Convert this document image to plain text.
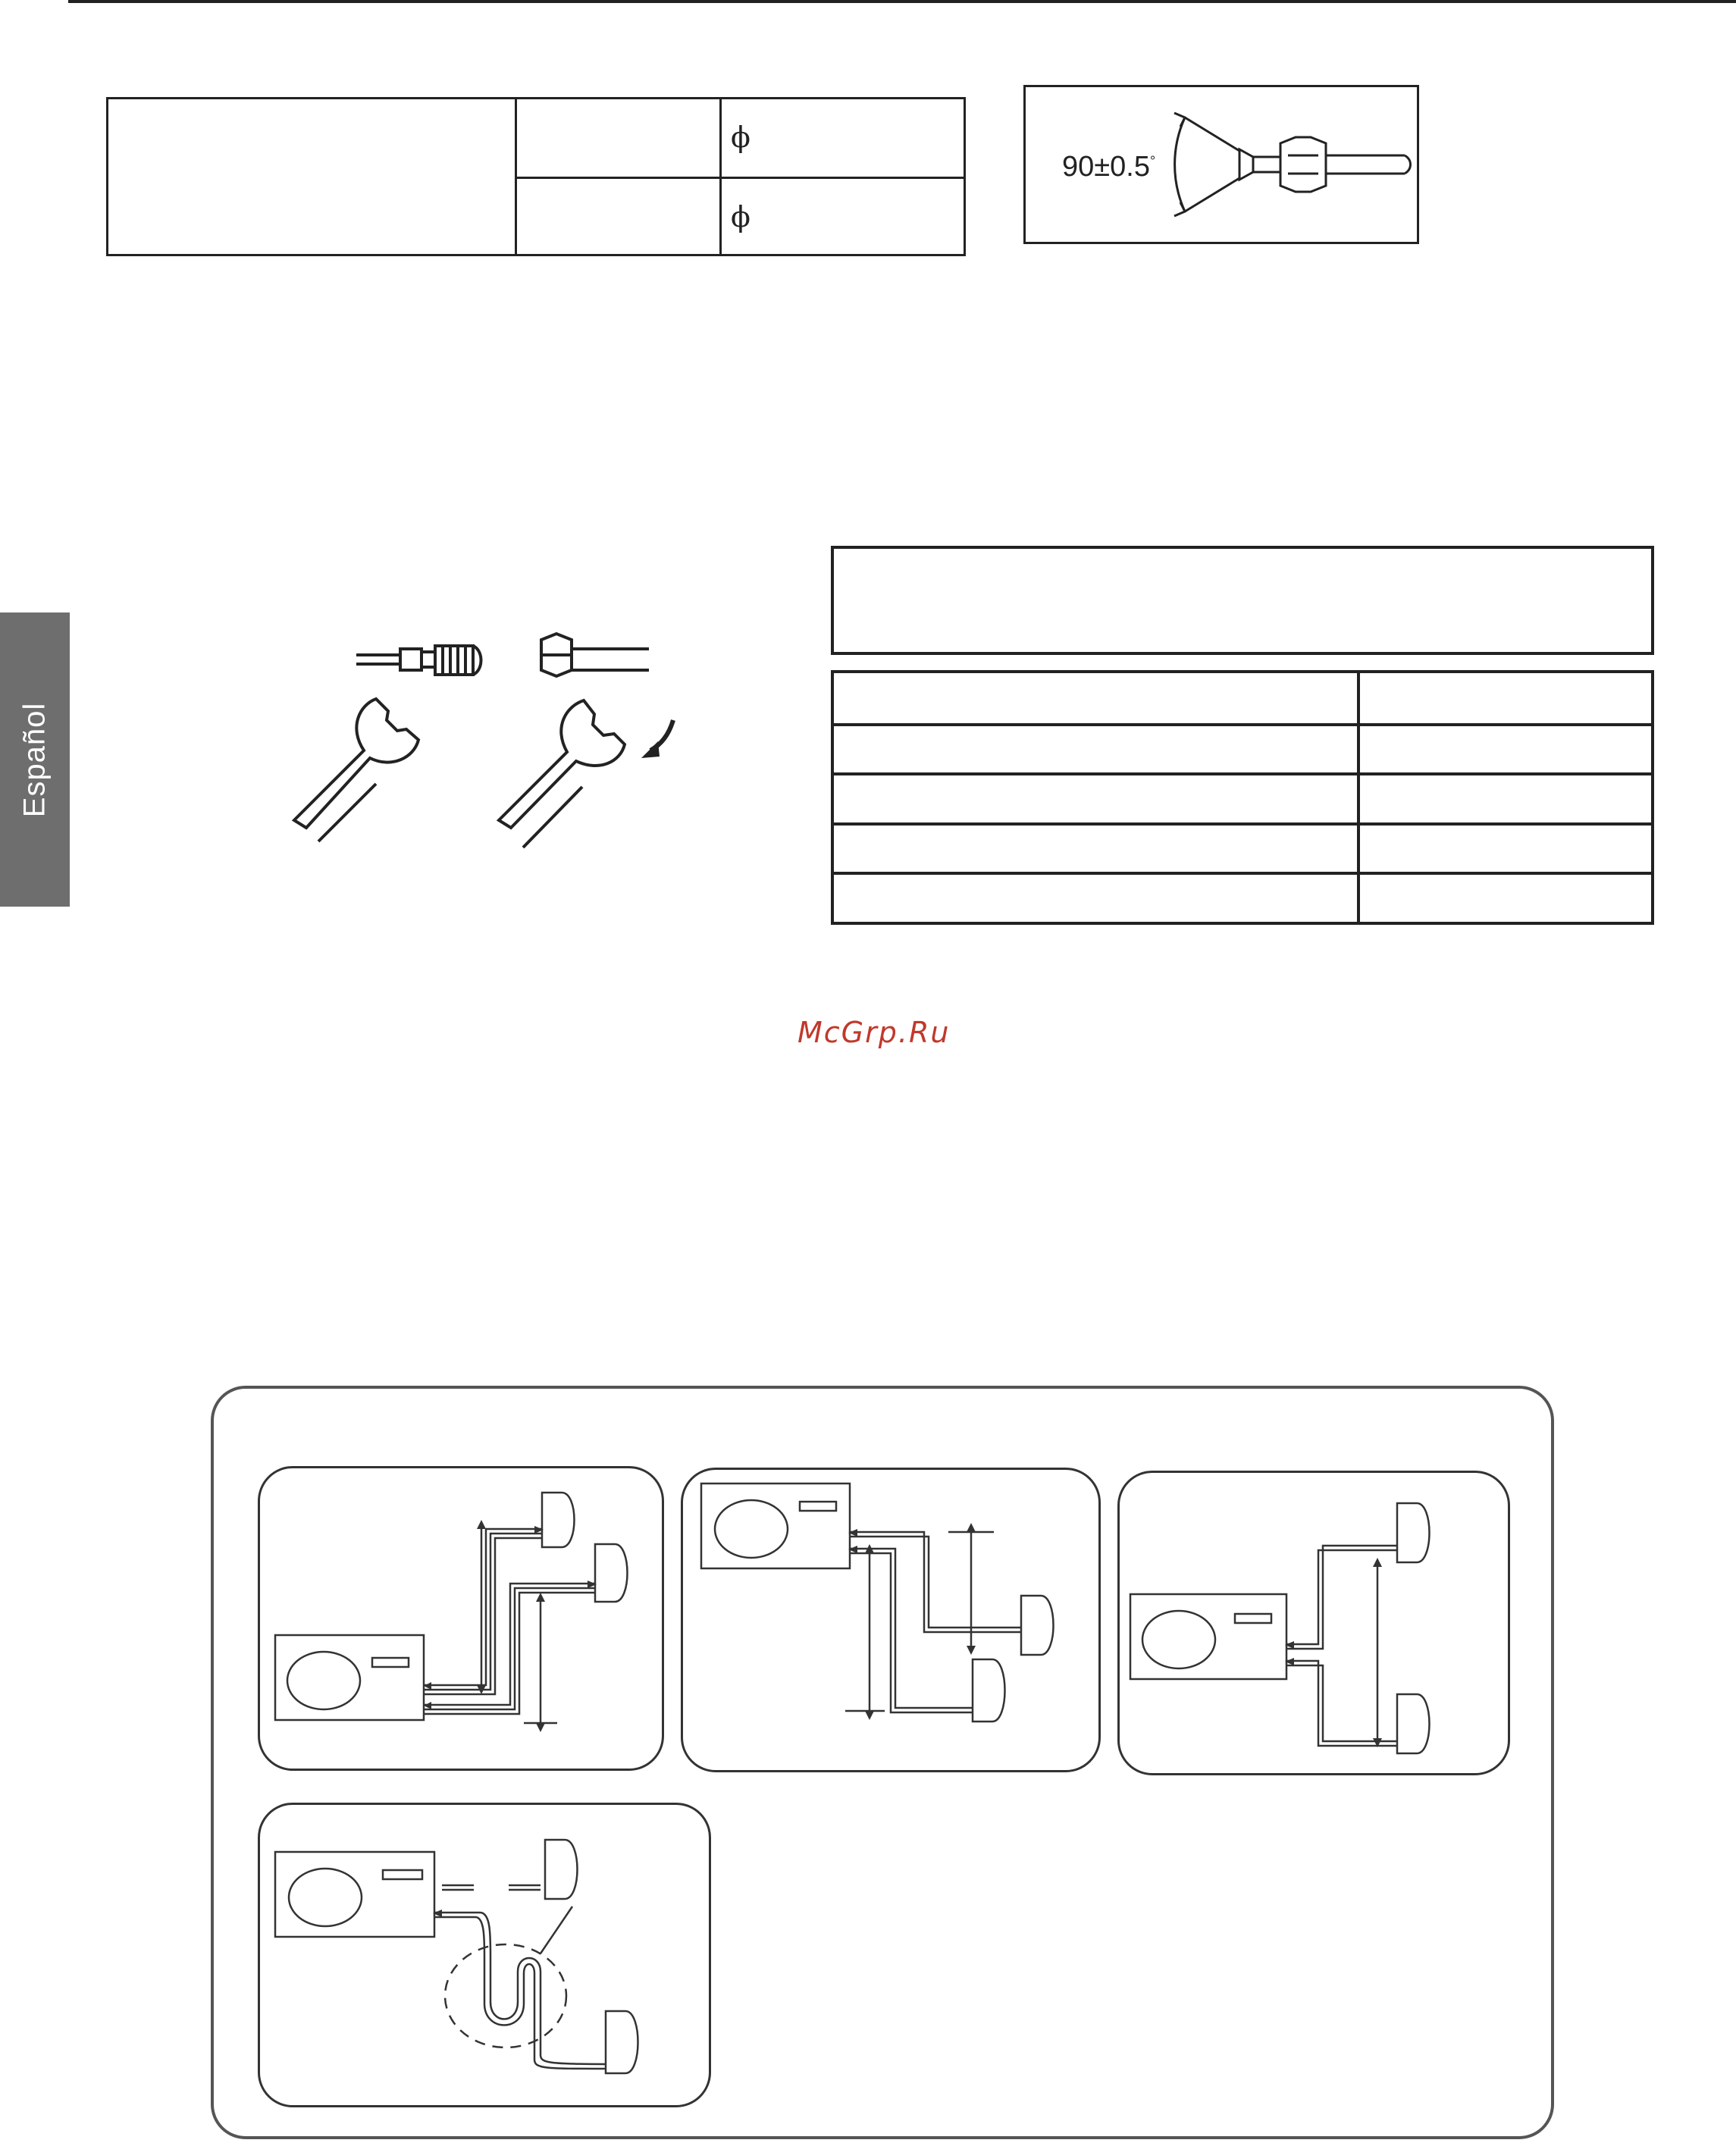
Español
ϕ
ϕ
90±0.5°
McGrp.Ru
